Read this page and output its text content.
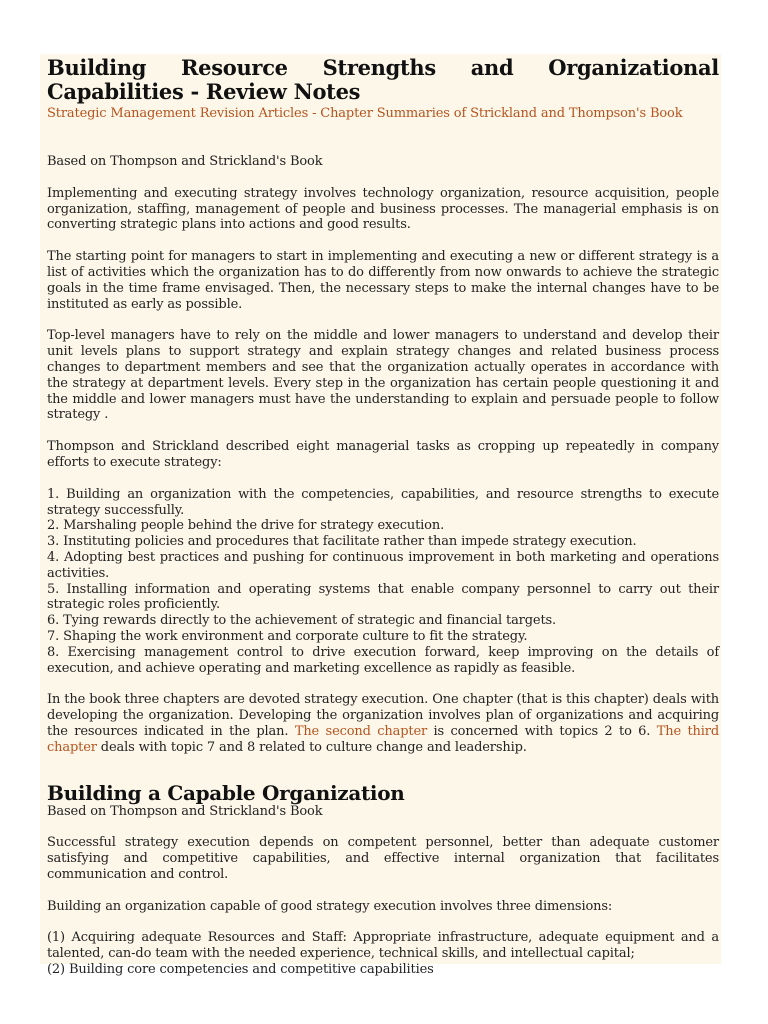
Building Resource Strengths and Organizational Capabilities - Review Notes

Strategic Management Revision Articles - Chapter Summaries of Strickland and Thompson's Book

Based on Thompson and Strickland's Book

Implementing and executing strategy involves technology organization, resource acquisition, people organization, staffing, management of people and business processes. The managerial emphasis is on converting strategic plans into actions and good results.

The starting point for managers to start in implementing and executing a new or different strategy is a list of activities which the organization has to do differently from now onwards to achieve the strategic goals in the time frame envisaged. Then, the necessary steps to make the internal changes have to be instituted as early as possible.

Top-level managers have to rely on the middle and lower managers to understand and develop their unit levels plans to support strategy and explain strategy changes and related business process changes to department members and see that the organization actually operates in accordance with the strategy at department levels. Every step in the organization has certain people questioning it and the middle and lower managers must have the understanding to explain and persuade people to follow strategy .

Thompson and Strickland described eight managerial tasks as cropping up repeatedly in company efforts to execute strategy:

1. Building an organization with the competencies, capabilities, and resource strengths to execute strategy successfully.
2. Marshaling people behind the drive for strategy execution.
3. Instituting policies and procedures that facilitate rather than impede strategy execution.
4. Adopting best practices and pushing for continuous improvement in both marketing and operations activities.
5. Installing information and operating systems that enable company personnel to carry out their strategic roles proficiently.
6. Tying rewards directly to the achievement of strategic and financial targets.
7. Shaping the work environment and corporate culture to fit the strategy.
8. Exercising management control to drive execution forward, keep improving on the details of execution, and achieve operating and marketing excellence as rapidly as feasible.

In the book three chapters are devoted strategy execution. One chapter (that is this chapter) deals with developing the organization. Developing the organization involves plan of organizations and acquiring the resources indicated in the plan. The second chapter is concerned with topics 2 to 6. The third chapter deals with topic 7 and 8 related to culture change and leadership.

Building a Capable Organization

Based on Thompson and Strickland's Book

Successful strategy execution depends on competent personnel, better than adequate customer satisfying and competitive capabilities, and effective internal organization that facilitates communication and control.

Building an organization capable of good strategy execution involves three dimensions:

(1) Acquiring adequate Resources and Staff: Appropriate infrastructure, adequate equipment and a talented, can-do team with the needed experience, technical skills, and intellectual capital;
(2) Building core competencies and competitive capabilities
